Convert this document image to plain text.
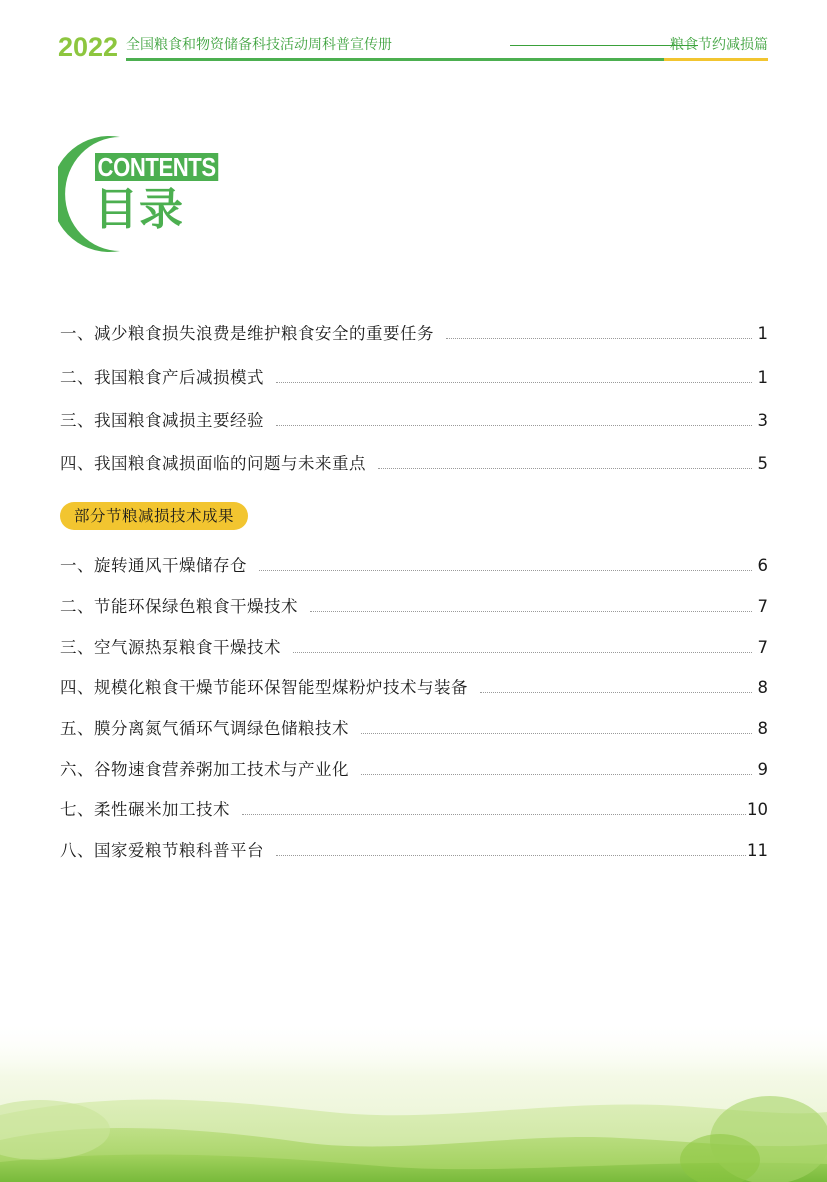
2022 全国粮食和物资储备科技活动周科普宣传册	粮食节约减损篇
CONTENTS
目录
一、减少粮食损失浪费是维护粮食安全的重要任务	1
二、我国粮食产后减损模式	1
三、我国粮食减损主要经验	3
四、我国粮食减损面临的问题与未来重点	5
部分节粮减损技术成果
一、旋转通风干燥储存仓	6
二、节能环保绿色粮食干燥技术	7
三、空气源热泵粮食干燥技术	7
四、规模化粮食干燥节能环保智能型煤粉炉技术与装备	8
五、膜分离氮气循环气调绿色储粮技术	8
六、谷物速食营养粥加工技术与产业化	9
七、柔性碾米加工技术	10
八、国家爱粮节粮科普平台	11
